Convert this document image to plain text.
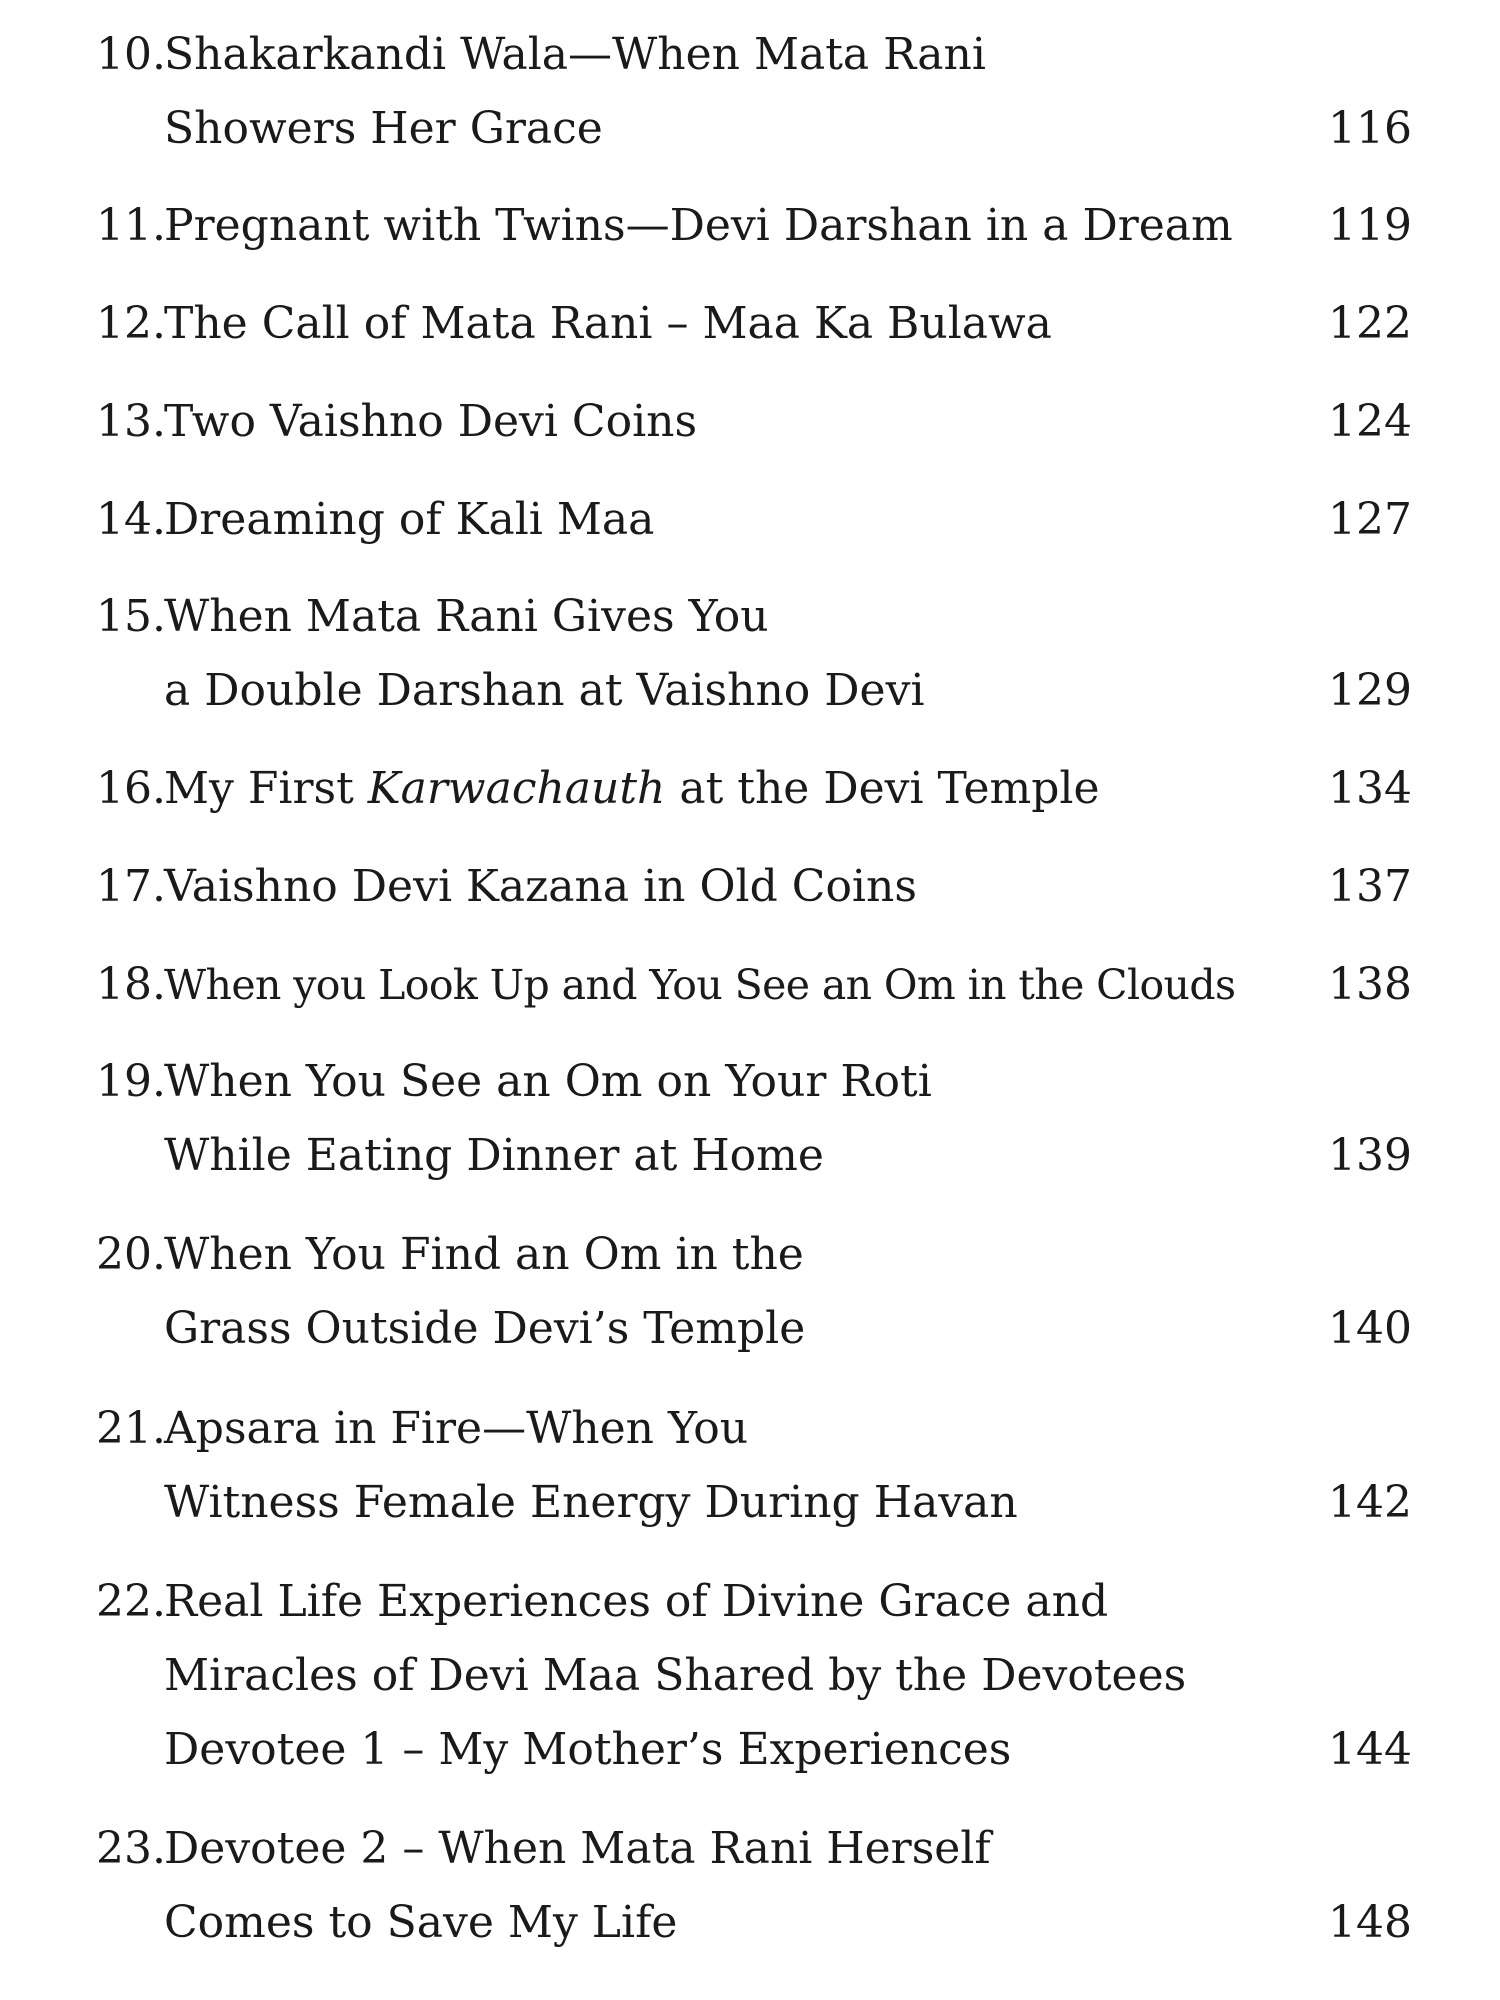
10.
Shakarkandi Wala—When Mata Rani
Showers Her Grace	116
11.
Pregnant with Twins—Devi Darshan in a Dream 119
12.
The Call of Mata Rani – Maa Ka Bulawa	122
13.
Two Vaishno Devi Coins	124
14.
Dreaming of Kali Maa	127
15.
When Mata Rani Gives You
a Double Darshan at Vaishno Devi	129
16.
My First Karwachauth at the Devi Temple	134
17.
Vaishno Devi Kazana in Old Coins	137
18.
When you Look Up and You See an Om in the Clouds 138
19.
When You See an Om on Your Roti
While Eating Dinner at Home	139
20.
When You Find an Om in the
Grass Outside Devi’s Temple	140
21.
Apsara in Fire—When You
Witness Female Energy During Havan	142
22.
Real Life Experiences of Divine Grace and
Miracles of Devi Maa Shared by the Devotees
Devotee 1 – My Mother’s Experiences	144
23.
Devotee 2 – When Mata Rani Herself
Comes to Save My Life	148
